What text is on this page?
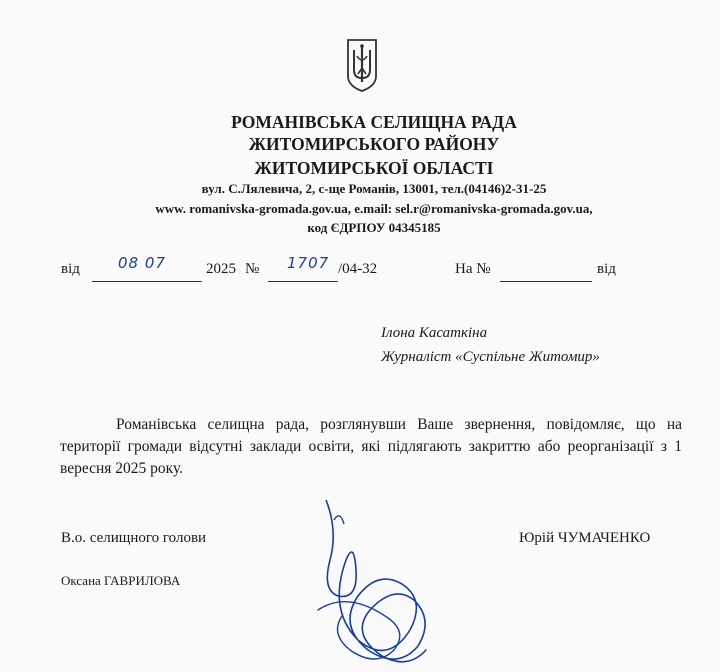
РОМАНІВСЬКА СЕЛИЩНА РАДА
ЖИТОМИРСЬКОГО РАЙОНУ
ЖИТОМИРСЬКОЇ ОБЛАСТІ
вул. С.Лялевича, 2, с-ще Романів, 13001, тел.(04146)2-31-25
www. romanivska-gromada.gov.ua, e.mail: sel.r@romanivska-gromada.gov.ua,
код ЄДРПОУ 04345185
від	08 07	2025 № 1707 /04-32	На №	від
Ілона Касаткіна
Журналіст «Суспільне Житомир»
Романівська селищна рада, розглянувши Ваше звернення, повідомляє, що на території громади відсутні заклади освіти, які підлягають закриттю або реорганізації з 1 вересня 2025 року.
В.о. селищного голови	Юрій ЧУМАЧЕНКО
Оксана ГАВРИЛОВА
